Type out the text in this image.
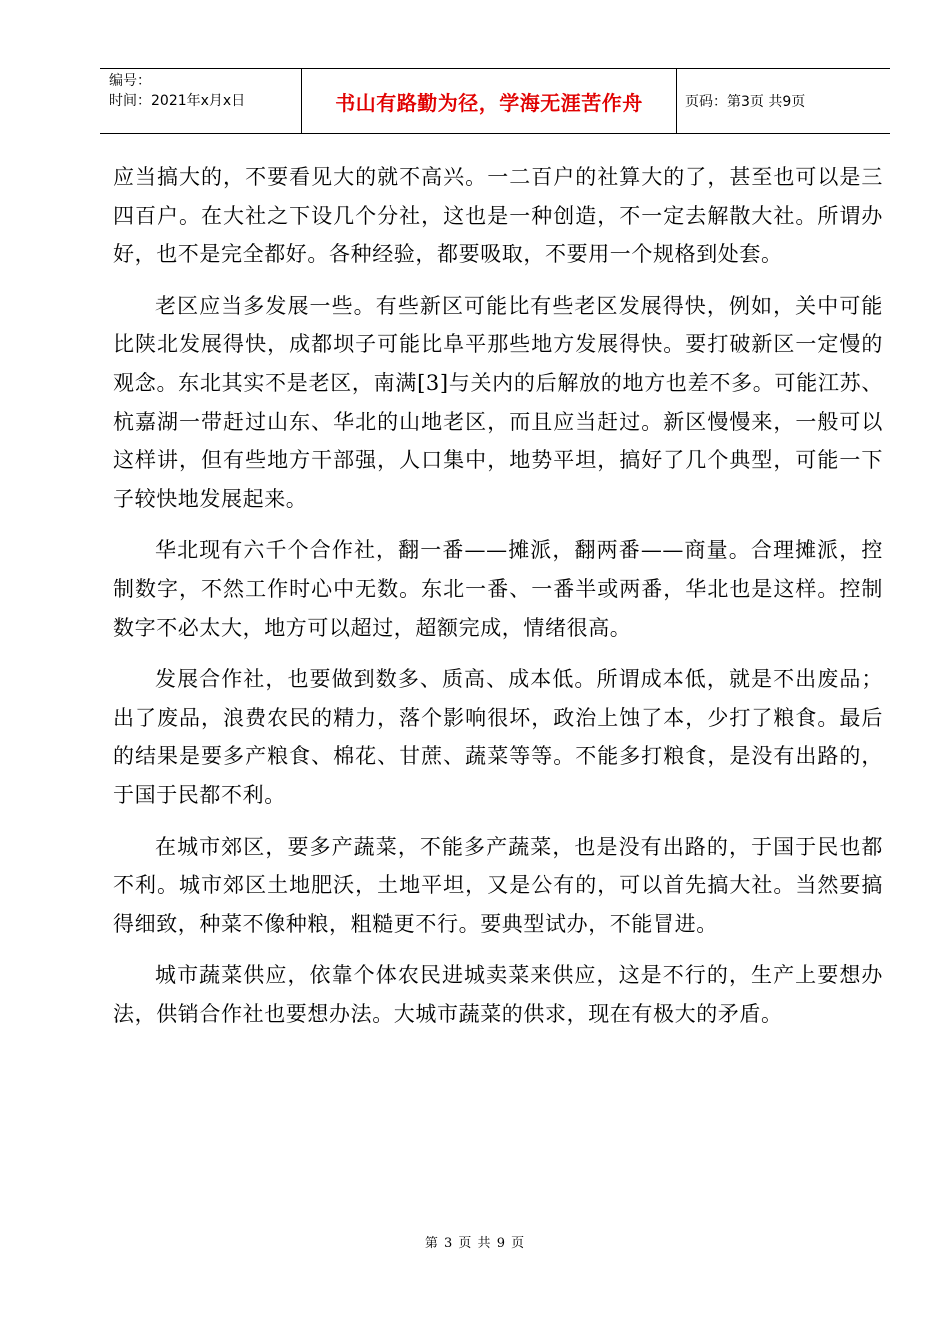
编号：
时间：2021年x月x日	书山有路勤为径，学海无涯苦作舟	页码：第3页 共9页

应当搞大的，不要看见大的就不高兴。一二百户的社算大的了，甚至也可以是三四百户。在大社之下设几个分社，这也是一种创造，不一定去解散大社。所谓办好，也不是完全都好。各种经验，都要吸取，不要用一个规格到处套。

老区应当多发展一些。有些新区可能比有些老区发展得快，例如，关中可能比陕北发展得快，成都坝子可能比阜平那些地方发展得快。要打破新区一定慢的观念。东北其实不是老区，南满[3]与关内的后解放的地方也差不多。可能江苏、杭嘉湖一带赶过山东、华北的山地老区，而且应当赶过。新区慢慢来，一般可以这样讲，但有些地方干部强，人口集中，地势平坦，搞好了几个典型，可能一下子较快地发展起来。

华北现有六千个合作社，翻一番——摊派，翻两番——商量。合理摊派，控制数字，不然工作时心中无数。东北一番、一番半或两番，华北也是这样。控制数字不必太大，地方可以超过，超额完成，情绪很高。

发展合作社，也要做到数多、质高、成本低。所谓成本低，就是不出废品；出了废品，浪费农民的精力，落个影响很坏，政治上蚀了本，少打了粮食。最后的结果是要多产粮食、棉花、甘蔗、蔬菜等等。不能多打粮食，是没有出路的，于国于民都不利。

在城市郊区，要多产蔬菜，不能多产蔬菜，也是没有出路的，于国于民也都不利。城市郊区土地肥沃，土地平坦，又是公有的，可以首先搞大社。当然要搞得细致，种菜不像种粮，粗糙更不行。要典型试办，不能冒进。

城市蔬菜供应，依靠个体农民进城卖菜来供应，这是不行的，生产上要想办法，供销合作社也要想办法。大城市蔬菜的供求，现在有极大的矛盾。

第 3 页 共 9 页
